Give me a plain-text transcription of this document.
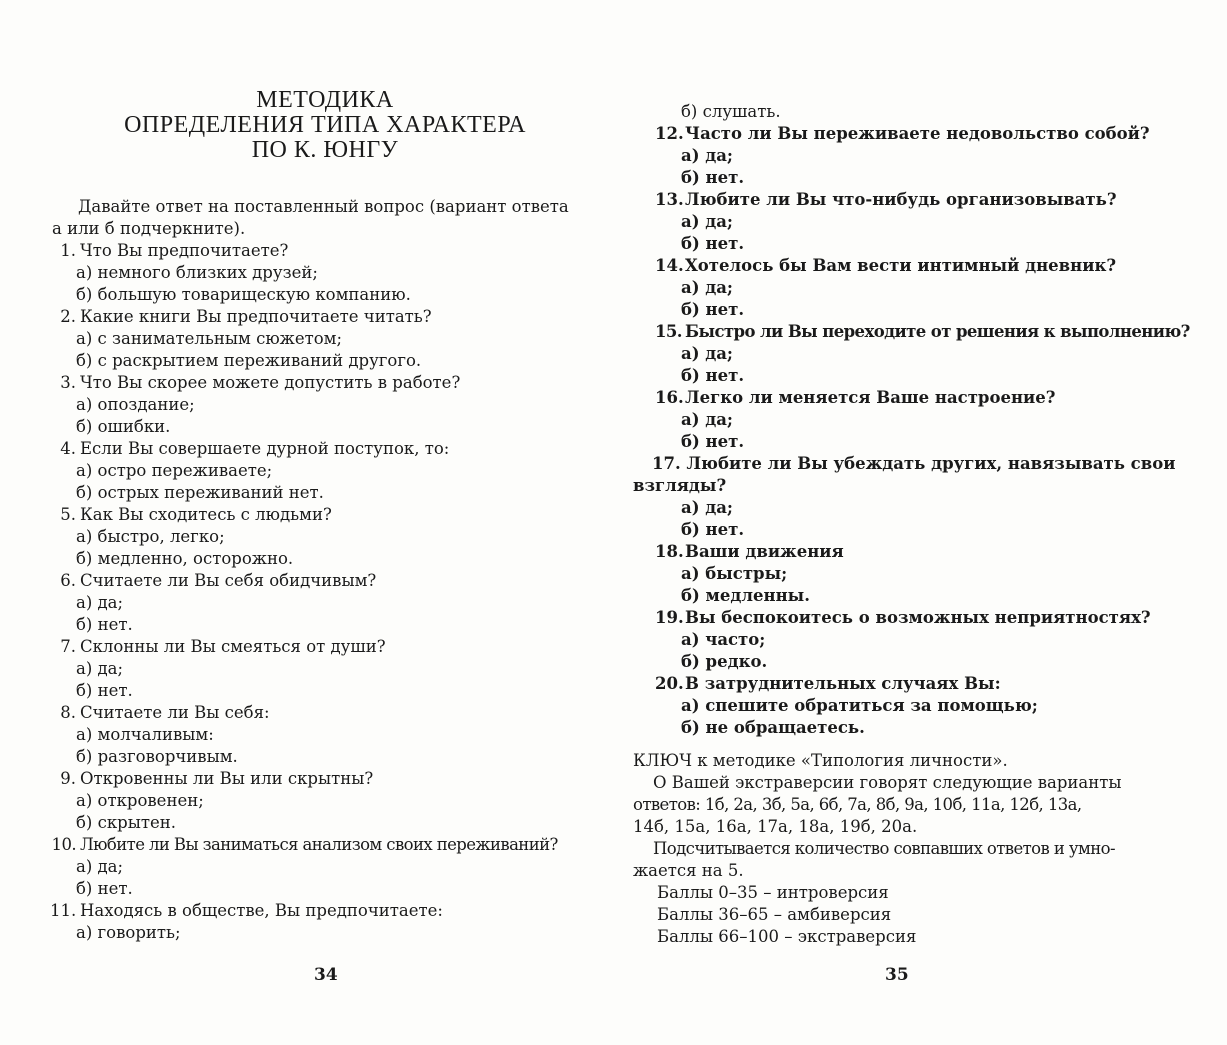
МЕТОДИКА
ОПРЕДЕЛЕНИЯ ТИПА ХАРАКТЕРА
ПО К. ЮНГУ
Давайте ответ на поставленный вопрос (вариант ответа
а или б подчеркните).
1. Что Вы предпочитаете?
а) немного близких друзей;
б) большую товарищескую компанию.
2. Какие книги Вы предпочитаете читать?
а) с занимательным сюжетом;
б) с раскрытием переживаний другого.
3. Что Вы скорее можете допустить в работе?
а) опоздание;
б) ошибки.
4. Если Вы совершаете дурной поступок, то:
а) остро переживаете;
б) острых переживаний нет.
5. Как Вы сходитесь с людьми?
а) быстро, легко;
б) медленно, осторожно.
6. Считаете ли Вы себя обидчивым?
а) да;
б) нет.
7. Склонны ли Вы смеяться от души?
а) да;
б) нет.
8. Считаете ли Вы себя:
а) молчаливым:
б) разговорчивым.
9. Откровенны ли Вы или скрытны?
а) откровенен;
б) скрытен.
10. Любите ли Вы заниматься анализом своих переживаний?
а) да;
б) нет.
11. Находясь в обществе, Вы предпочитаете:
а) говорить;
34
б) слушать.
12.Часто ли Вы переживаете недовольство собой?
а) да;
б) нет.
13.Любите ли Вы что-нибудь организовывать?
а) да;
б) нет.
14.Хотелось бы Вам вести интимный дневник?
а) да;
б) нет.
15. Быстро ли Вы переходите от решения к выполнению?
а) да;
б) нет.
16.Легко ли меняется Ваше настроение?
а) да;
б) нет.
17. Любите ли Вы убеждать других, навязывать свои
взгляды?
а) да;
б) нет.
18.Ваши движения
а) быстры;
б) медленны.
19.Вы беспокоитесь о возможных неприятностях?
а) часто;
б) редко.
20.В затруднительных случаях Вы:
а) спешите обратиться за помощью;
б) не обращаетесь.
КЛЮЧ к методике «Типология личности».
О Вашей экстраверсии говорят следующие варианты
ответов: 1б, 2а, 3б, 5а, 6б, 7а, 8б, 9а, 10б, 11а, 12б, 13а,
14б, 15а, 16а, 17а, 18а, 19б, 20а.
Подсчитывается количество совпавших ответов и умно-
жается на 5.
Баллы 0–35 – интроверсия
Баллы 36–65 – амбиверсия
Баллы 66–100 – экстраверсия
35
